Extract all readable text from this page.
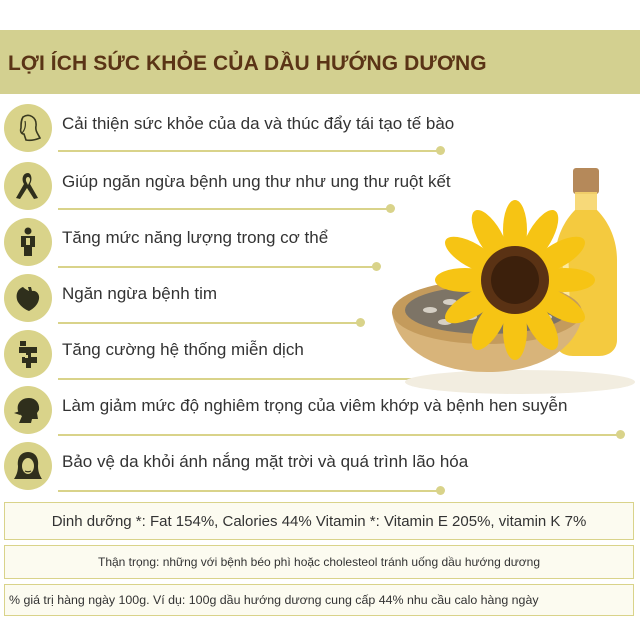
LỢI ÍCH SỨC KHỎE CỦA DẦU HƯỚNG DƯƠNG
Cải thiện sức khỏe của da và thúc đẩy tái tạo tế bào
Giúp ngăn ngừa bệnh ung thư như ung thư ruột kết
Tăng mức năng lượng trong cơ thể
Ngăn ngừa bệnh tim
Tăng cường hệ thống miễn dịch
Làm giảm mức độ nghiêm trọng của viêm khớp và bệnh hen suyễn
Bảo vệ da khỏi ánh nắng mặt trời và quá trình lão hóa
Dinh dưỡng *: Fat 154%, Calories 44% Vitamin *: Vitamin E 205%, vitamin K 7%
Thận trọng: những với bệnh béo phì hoặc cholesteol tránh uống dầu hướng dương
% giá trị hàng ngày 100g. Ví dụ: 100g dầu hướng dương cung cấp 44% nhu cầu calo hàng ngày
